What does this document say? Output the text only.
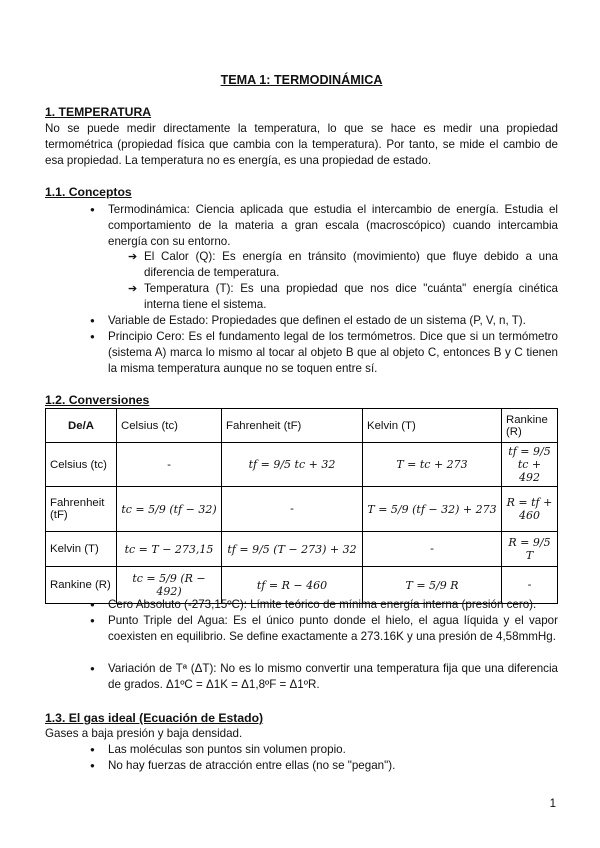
TEMA 1: TERMODINÁMICA
1. TEMPERATURA
No se puede medir directamente la temperatura, lo que se hace es medir una propiedad termométrica (propiedad física que cambia con la temperatura). Por tanto, se mide el cambio de esa propiedad. La temperatura no es energía, es una propiedad de estado.
1.1. Conceptos
● Termodinámica: Ciencia aplicada que estudia el intercambio de energía. Estudia el comportamiento de la materia a gran escala (macroscópico) cuando intercambia energía con su entorno.
➔ El Calor (Q): Es energía en tránsito (movimiento) que fluye debido a una diferencia de temperatura.
➔ Temperatura (T): Es una propiedad que nos dice "cuánta" energía cinética interna tiene el sistema.
● Variable de Estado: Propiedades que definen el estado de un sistema (P, V, n, T).
● Principio Cero: Es el fundamento legal de los termómetros. Dice que si un termómetro (sistema A) marca lo mismo al tocar al objeto B que al objeto C, entonces B y C tienen la misma temperatura aunque no se toquen entre sí.
1.2. Conversiones
De/A	Celsius (tc)	Fahrenheit (tF)	Kelvin (T)	Rankine (R)
Celsius (tc)	-	tf = 9/5 tc + 32	T = tc + 273	tf = 9/5 tc + 492
Fahrenheit (tF)	tc = 5/9 (tf − 32)	-	T = 5/9 (tf − 32) + 273	R = tf + 460
Kelvin (T)	tc = T − 273,15	tf = 9/5 (T − 273) + 32	-	R = 9/5 T
Rankine (R)	tc = 5/9 (R − 492)	tf = R − 460	T = 5/9 R	-
● Cero Absoluto (-273,15ºC): Límite teórico de mínima energía interna (presión cero).
● Punto Triple del Agua: Es el único punto donde el hielo, el agua líquida y el vapor coexisten en equilibrio. Se define exactamente a 273.16K y una presión de 4,58mmHg.
● Variación de Tª (ΔT): No es lo mismo convertir una temperatura fija que una diferencia de grados. Δ1ºC = Δ1K = Δ1,8ºF = Δ1ºR.
1.3. El gas ideal (Ecuación de Estado)
Gases a baja presión y baja densidad.
● Las moléculas son puntos sin volumen propio.
● No hay fuerzas de atracción entre ellas (no se "pegan").
1
